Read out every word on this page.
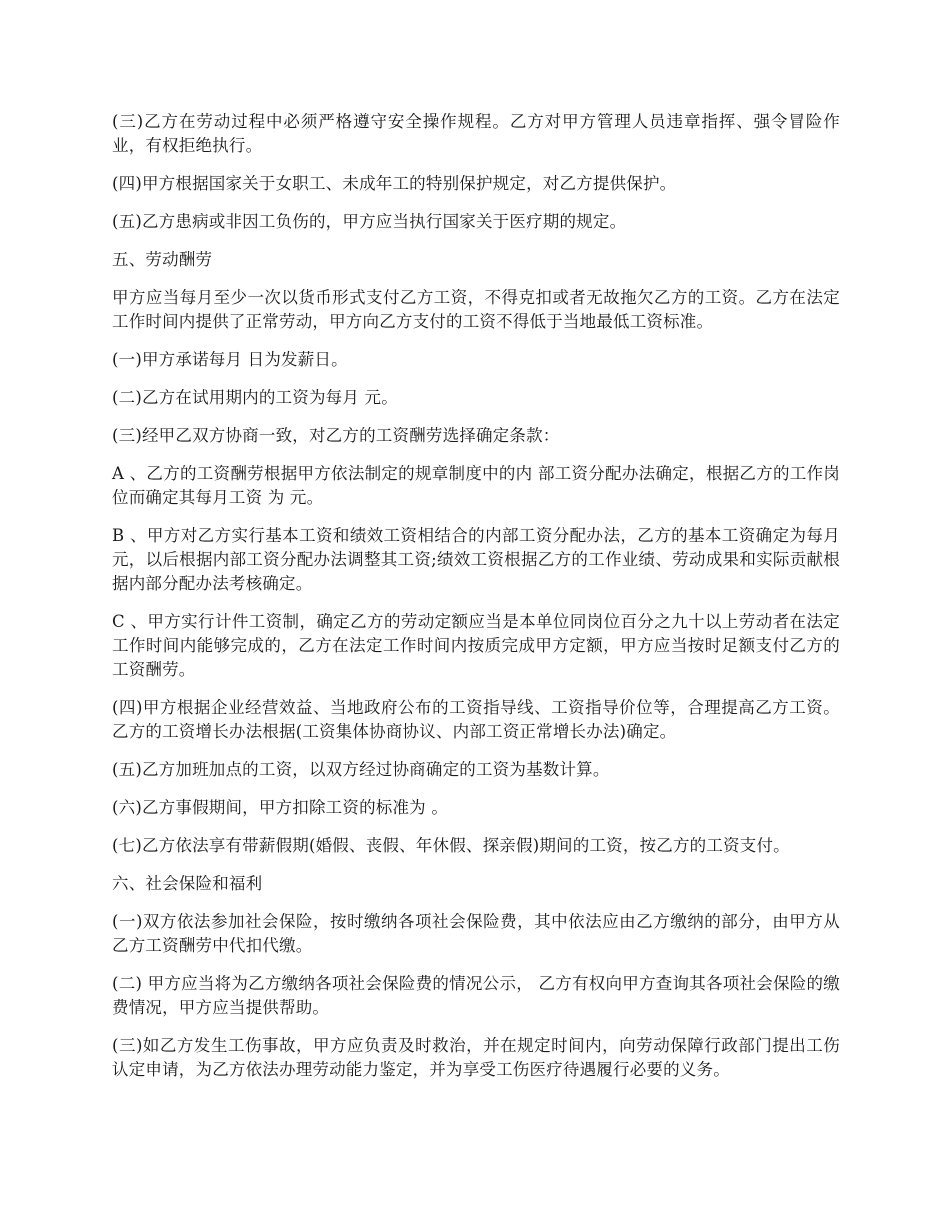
(三)乙方在劳动过程中必须严格遵守安全操作规程。乙方对甲方管理人员违章指挥、强令冒险作业，有权拒绝执行。

(四)甲方根据国家关于女职工、未成年工的特别保护规定，对乙方提供保护。

(五)乙方患病或非因工负伤的，甲方应当执行国家关于医疗期的规定。

五、劳动酬劳

甲方应当每月至少一次以货币形式支付乙方工资，不得克扣或者无故拖欠乙方的工资。乙方在法定工作时间内提供了正常劳动，甲方向乙方支付的工资不得低于当地最低工资标准。

(一)甲方承诺每月 日为发薪日。

(二)乙方在试用期内的工资为每月 元。

(三)经甲乙双方协商一致，对乙方的工资酬劳选择确定条款：

A 、乙方的工资酬劳根据甲方依法制定的规章制度中的内 部工资分配办法确定，根据乙方的工作岗位而确定其每月工资 为 元。

B 、甲方对乙方实行基本工资和绩效工资相结合的内部工资分配办法，乙方的基本工资确定为每月 元，以后根据内部工资分配办法调整其工资;绩效工资根据乙方的工作业绩、劳动成果和实际贡献根据内部分配办法考核确定。

C 、甲方实行计件工资制，确定乙方的劳动定额应当是本单位同岗位百分之九十以上劳动者在法定工作时间内能够完成的，乙方在法定工作时间内按质完成甲方定额，甲方应当按时足额支付乙方的工资酬劳。

(四)甲方根据企业经营效益、当地政府公布的工资指导线、工资指导价位等，合理提高乙方工资。乙方的工资增长办法根据(工资集体协商协议、内部工资正常增长办法)确定。

(五)乙方加班加点的工资，以双方经过协商确定的工资为基数计算。

(六)乙方事假期间，甲方扣除工资的标准为 。

(七)乙方依法享有带薪假期(婚假、丧假、年休假、探亲假)期间的工资，按乙方的工资支付。

六、社会保险和福利

(一)双方依法参加社会保险，按时缴纳各项社会保险费，其中依法应由乙方缴纳的部分，由甲方从乙方工资酬劳中代扣代缴。

(二) 甲方应当将为乙方缴纳各项社会保险费的情况公示， 乙方有权向甲方查询其各项社会保险的缴费情况，甲方应当提供帮助。

(三)如乙方发生工伤事故，甲方应负责及时救治，并在规定时间内，向劳动保障行政部门提出工伤认定申请，为乙方依法办理劳动能力鉴定，并为享受工伤医疗待遇履行必要的义务。
